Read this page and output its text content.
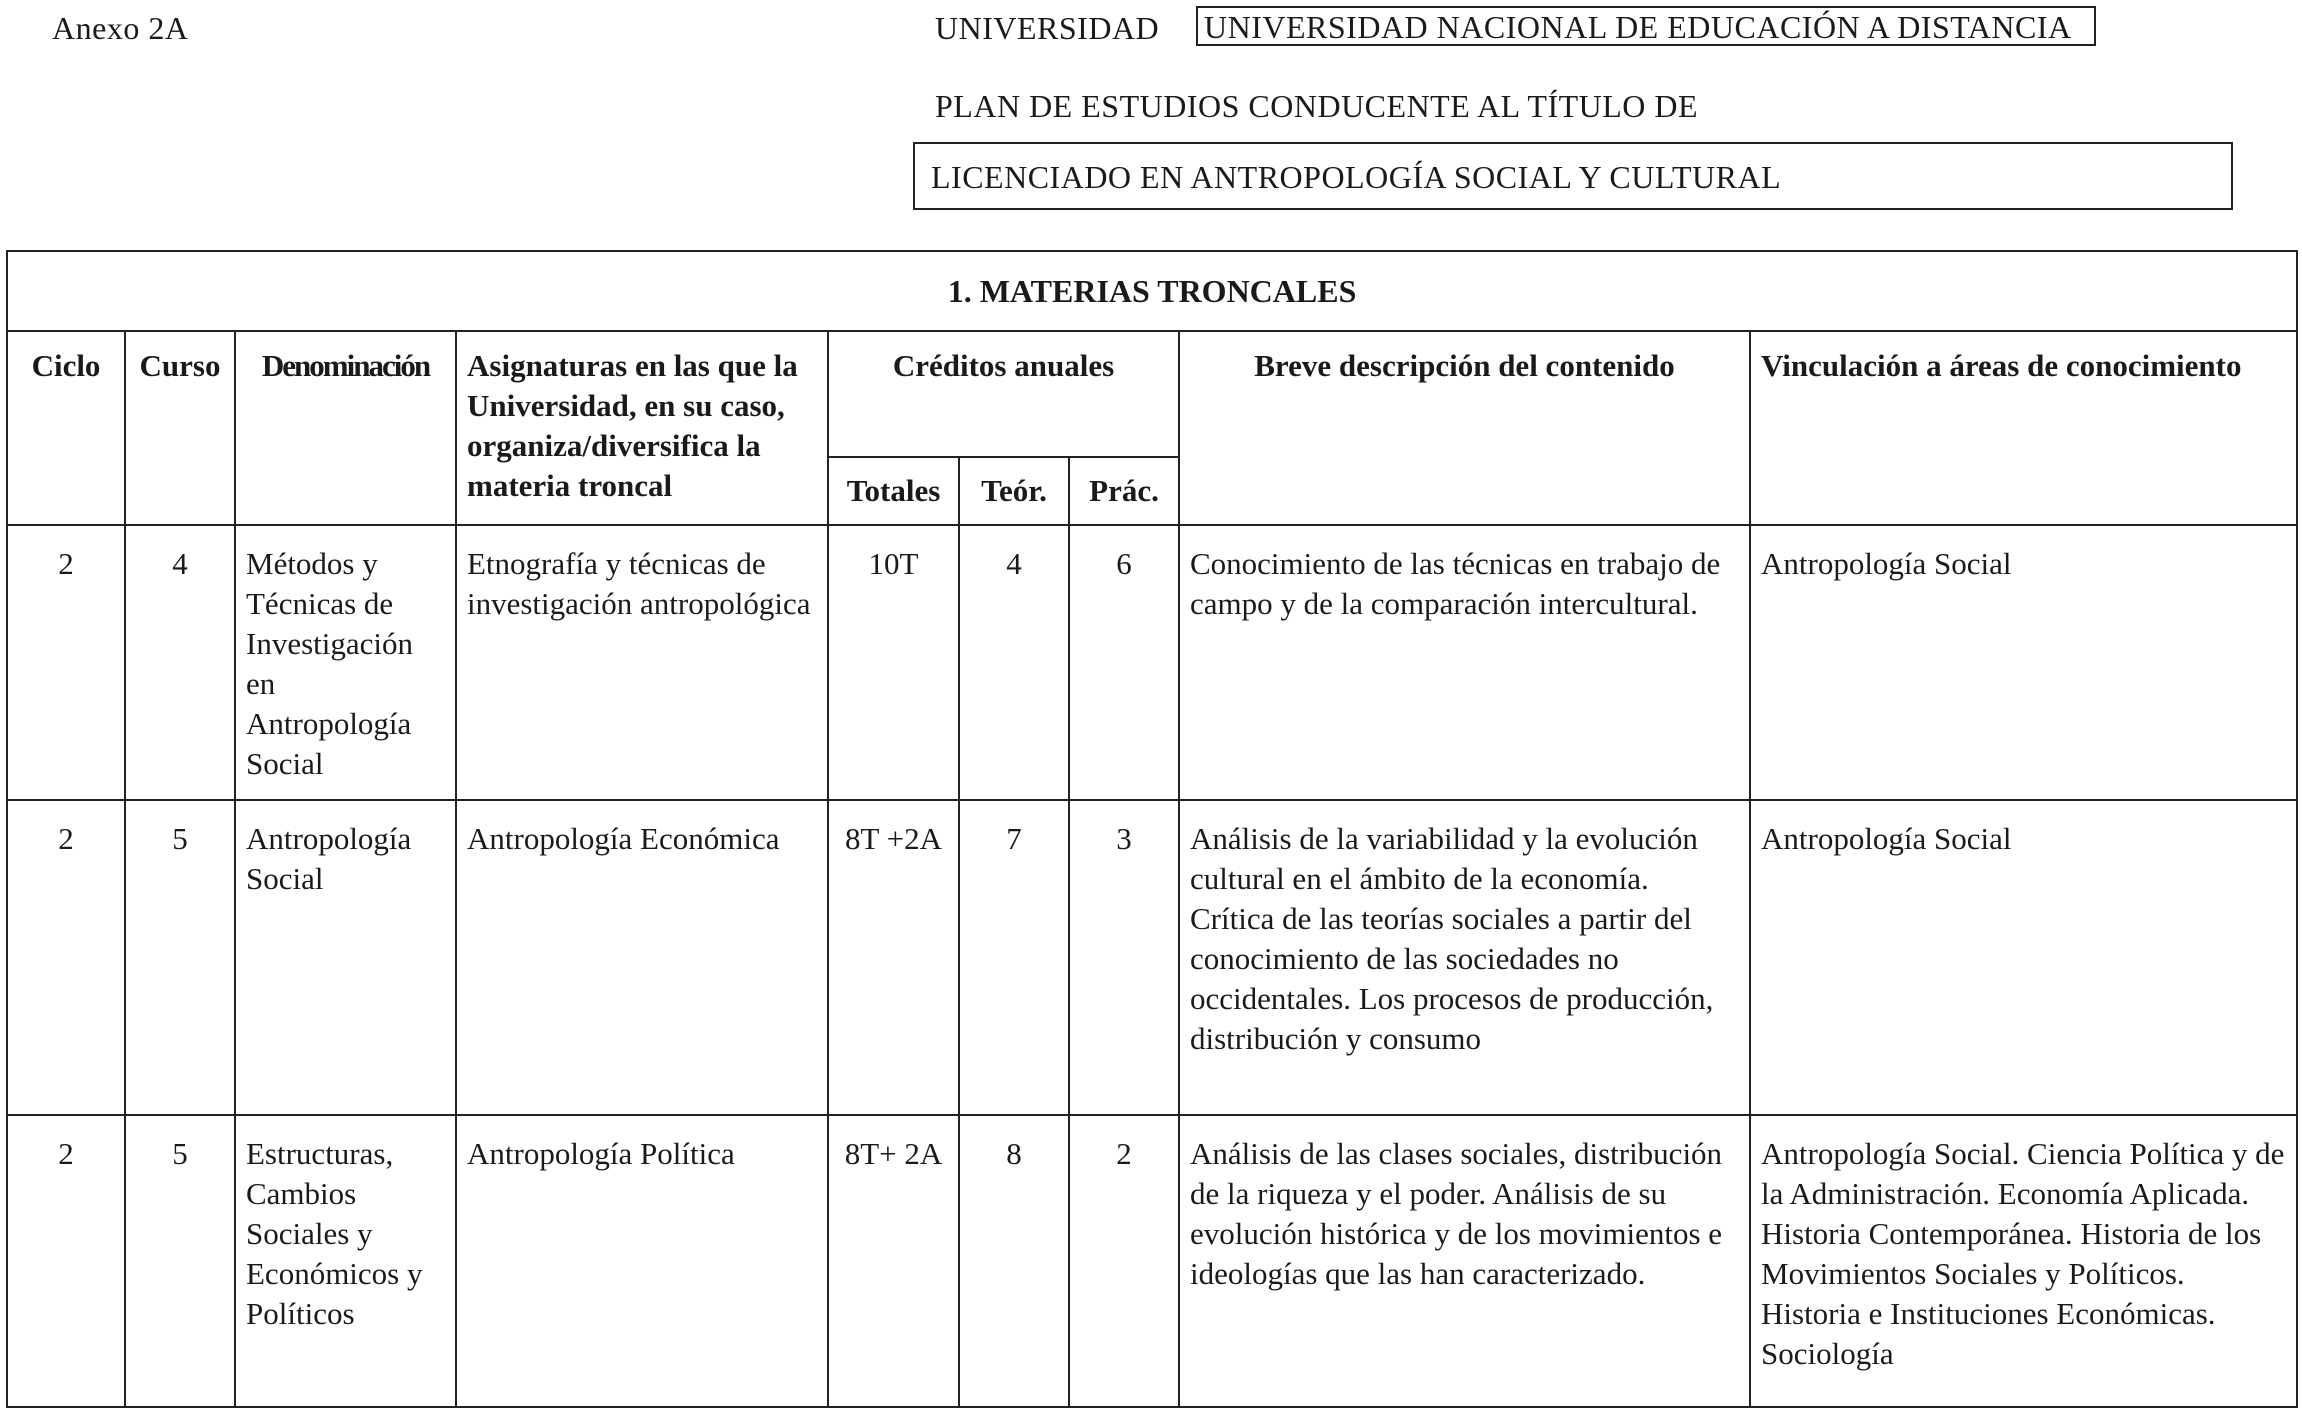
Anexo 2A	UNIVERSIDAD UNIVERSIDAD NACIONAL DE EDUCACIÓN A DISTANCIA
PLAN DE ESTUDIOS CONDUCENTE AL TÍTULO DE
LICENCIADO EN ANTROPOLOGÍA SOCIAL Y CULTURAL
1. MATERIAS TRONCALES								
Ciclo	Curso	Denominación	Asignaturas en las que la Universidad, en su caso, organiza/diversifica la materia troncal	Créditos anuales			Breve descripción del contenido	Vinculación a áreas de conocimiento
				Totales	Teór.	Prác.		
2	4	Métodos y Técnicas de Investigación en Antropología Social	Etnografía y técnicas de investigación antropológica	10T	4	6	Conocimiento de las técnicas en trabajo de campo y de la comparación intercultural.	Antropología Social
2	5	Antropología Social	Antropología Económica	8T +2A	7	3	Análisis de la variabilidad y la evolución cultural en el ámbito de la economía. Crítica de las teorías sociales a partir del conocimiento de las sociedades no occidentales. Los procesos de producción, distribución y consumo	Antropología Social
2	5	Estructuras, Cambios Sociales y Económicos y Políticos	Antropología Política	8T+ 2A	8	2	Análisis de las clases sociales, distribución de la riqueza y el poder. Análisis de su evolución histórica y de los movimientos e ideologías que las han caracterizado.	Antropología Social. Ciencia Política y de la Administración. Economía Aplicada. Historia Contemporánea. Historia de los Movimientos Sociales y Políticos. Historia e Instituciones Económicas. Sociología
